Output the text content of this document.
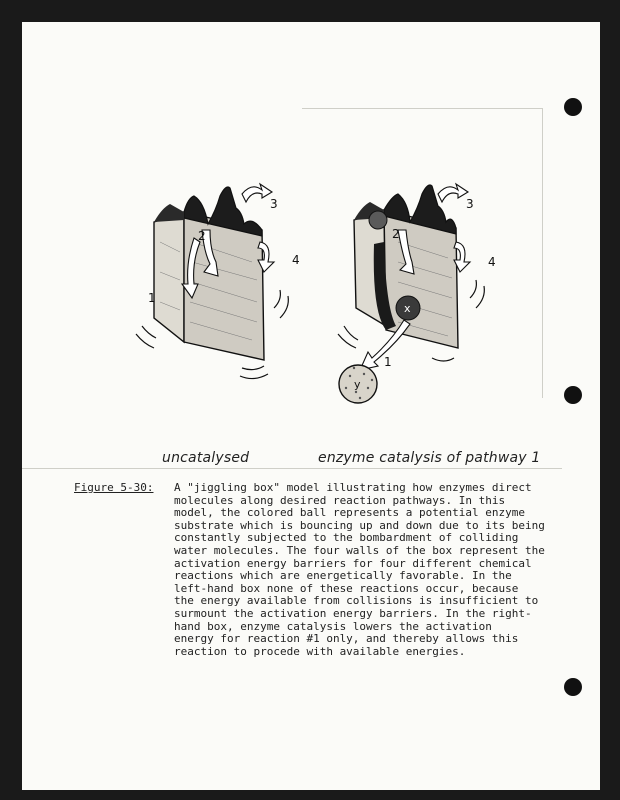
1
2
3
4
x
y
1
2
3
4
uncatalysed	enzyme catalysis of pathway 1
Figure 5-30: A "jiggling box" model illustrating how enzymes direct
molecules along desired reaction pathways. In this
model, the colored ball represents a potential enzyme
substrate which is bouncing up and down due to its being
constantly subjected to the bombardment of colliding
water molecules. The four walls of the box represent the
activation energy barriers for four different chemical
reactions which are energetically favorable. In the
left-hand box none of these reactions occur, because
the energy available from collisions is insufficient to
surmount the activation energy barriers. In the right-
hand box, enzyme catalysis lowers the activation
energy for reaction #1 only, and thereby allows this
reaction to procede with available energies.
